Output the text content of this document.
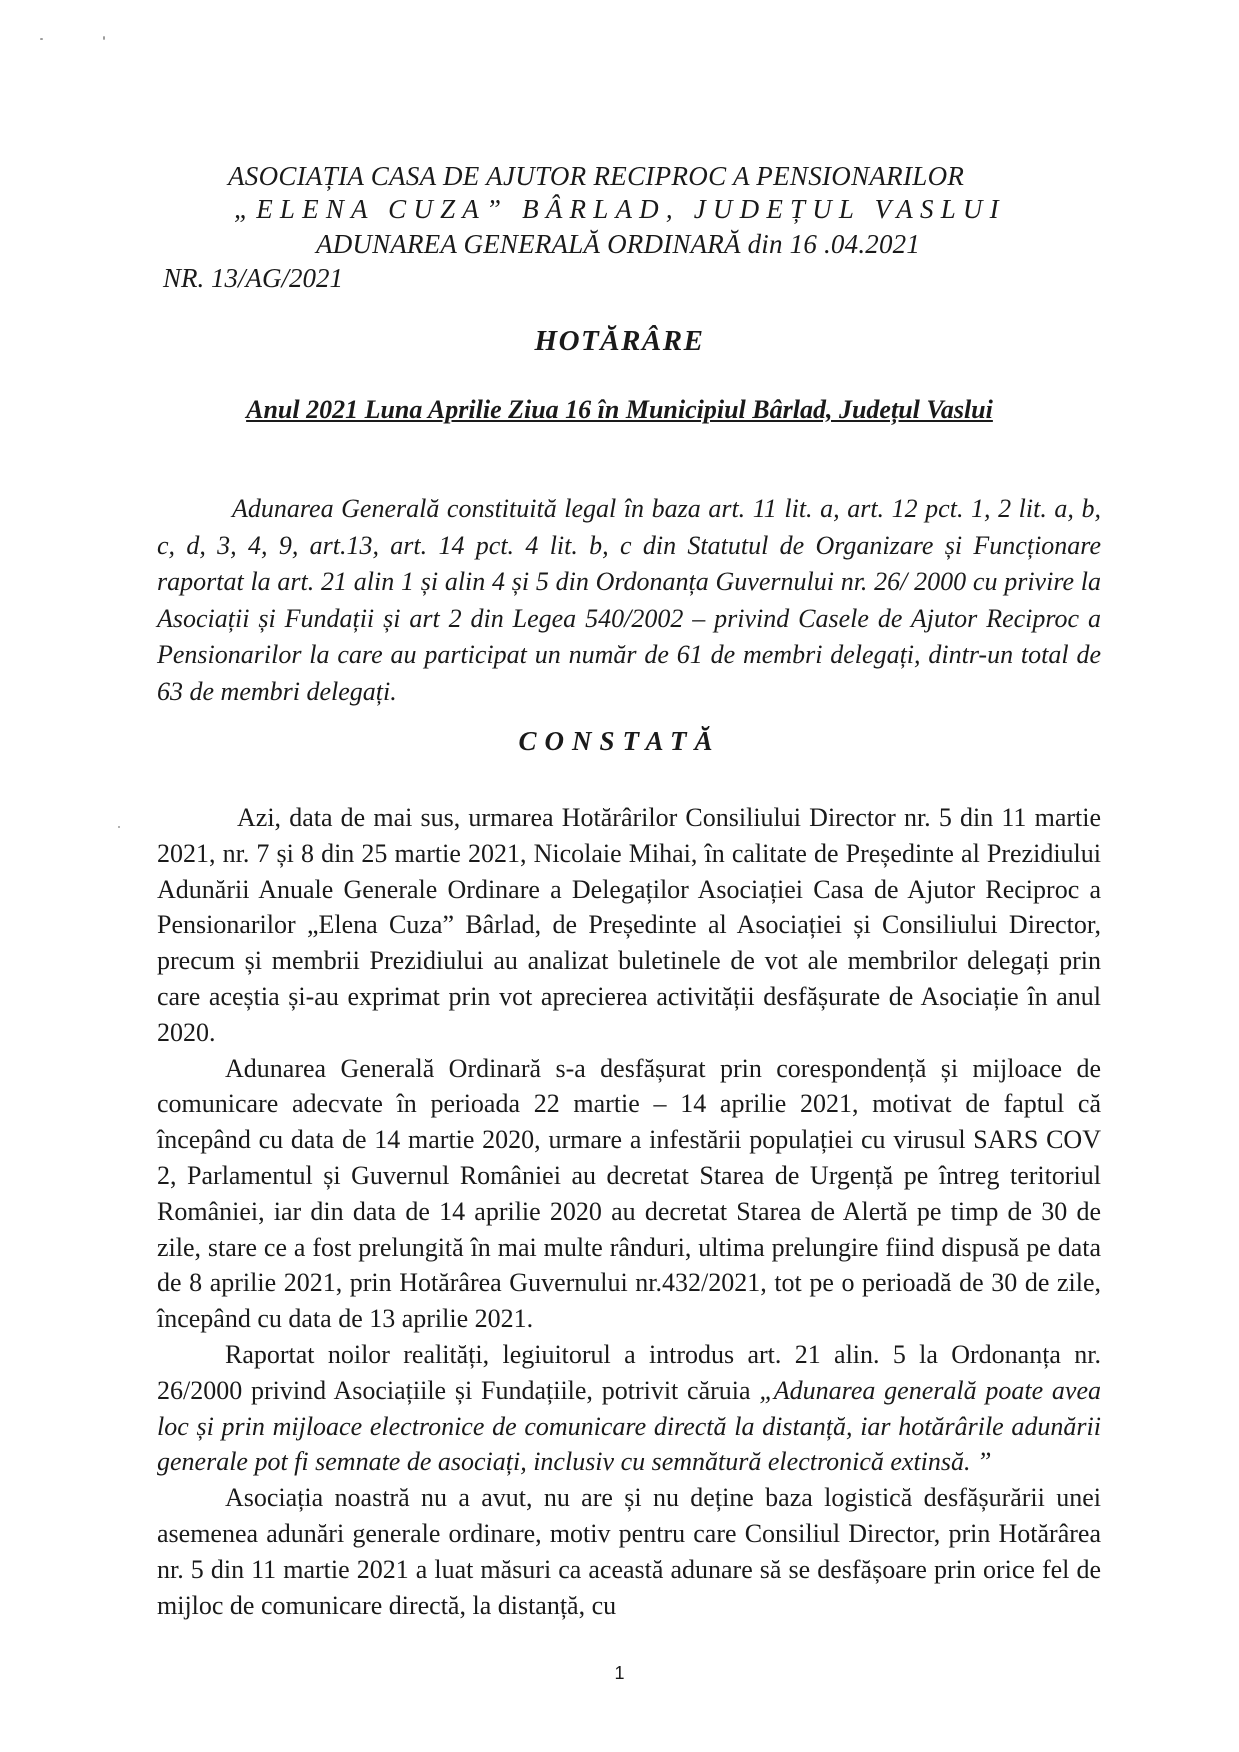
ASOCIAȚIA CASA DE AJUTOR RECIPROC A PENSIONARILOR
„ELENA CUZA” BÂRLAD, JUDEȚUL VASLUI
ADUNAREA GENERALĂ ORDINARĂ din 16 .04.2021
NR. 13/AG/2021
HOTĂRÂRE
Anul 2021 Luna Aprilie Ziua 16 în Municipiul Bârlad, Județul Vaslui

Adunarea Generală constituită legal în baza art. 11 lit. a, art. 12 pct. 1, 2 lit. a, b, c, d, 3, 4, 9, art.13, art. 14 pct. 4 lit. b, c din Statutul de Organizare și Funcționare raportat la art. 21 alin 1 și alin 4 și 5 din Ordonanța Guvernului nr. 26/ 2000 cu privire la Asociații și Fundații și art 2 din Legea 540/2002 – privind Casele de Ajutor Reciproc a Pensionarilor la care au participat un număr de 61 de membri delegați, dintr-un total de 63 de membri delegați.

CONSTATĂ

Azi, data de mai sus, urmarea Hotărârilor Consiliului Director nr. 5 din 11 martie 2021, nr. 7 și 8 din 25 martie 2021, Nicolaie Mihai, în calitate de Președinte al Prezidiului Adunării Anuale Generale Ordinare a Delegaților Asociației Casa de Ajutor Reciproc a Pensionarilor „Elena Cuza” Bârlad, de Președinte al Asociației și Consiliului Director, precum și membrii Prezidiului au analizat buletinele de vot ale membrilor delegați prin care aceștia și-au exprimat prin vot aprecierea activității desfășurate de Asociație în anul 2020.

Adunarea Generală Ordinară s-a desfășurat prin corespondență și mijloace de comunicare adecvate în perioada 22 martie – 14 aprilie 2021, motivat de faptul că începând cu data de 14 martie 2020, urmare a infestării populației cu virusul SARS COV 2, Parlamentul și Guvernul României au decretat Starea de Urgență pe întreg teritoriul României, iar din data de 14 aprilie 2020 au decretat Starea de Alertă pe timp de 30 de zile, stare ce a fost prelungită în mai multe rânduri, ultima prelungire fiind dispusă pe data de 8 aprilie 2021, prin Hotărârea Guvernului nr.432/2021, tot pe o perioadă de 30 de zile, începând cu data de 13 aprilie 2021.

Raportat noilor realități, legiuitorul a introdus art. 21 alin. 5 la Ordonanța nr. 26/2000 privind Asociațiile și Fundațiile, potrivit căruia „Adunarea generală poate avea loc și prin mijloace electronice de comunicare directă la distanță, iar hotărârile adunării generale pot fi semnate de asociați, inclusiv cu semnătură electronică extinsă. ”

Asociația noastră nu a avut, nu are și nu deține baza logistică desfășurării unei asemenea adunări generale ordinare, motiv pentru care Consiliul Director, prin Hotărârea nr. 5 din 11 martie 2021 a luat măsuri ca această adunare să se desfășoare prin orice fel de mijloc de comunicare directă, la distanță, cu

1
